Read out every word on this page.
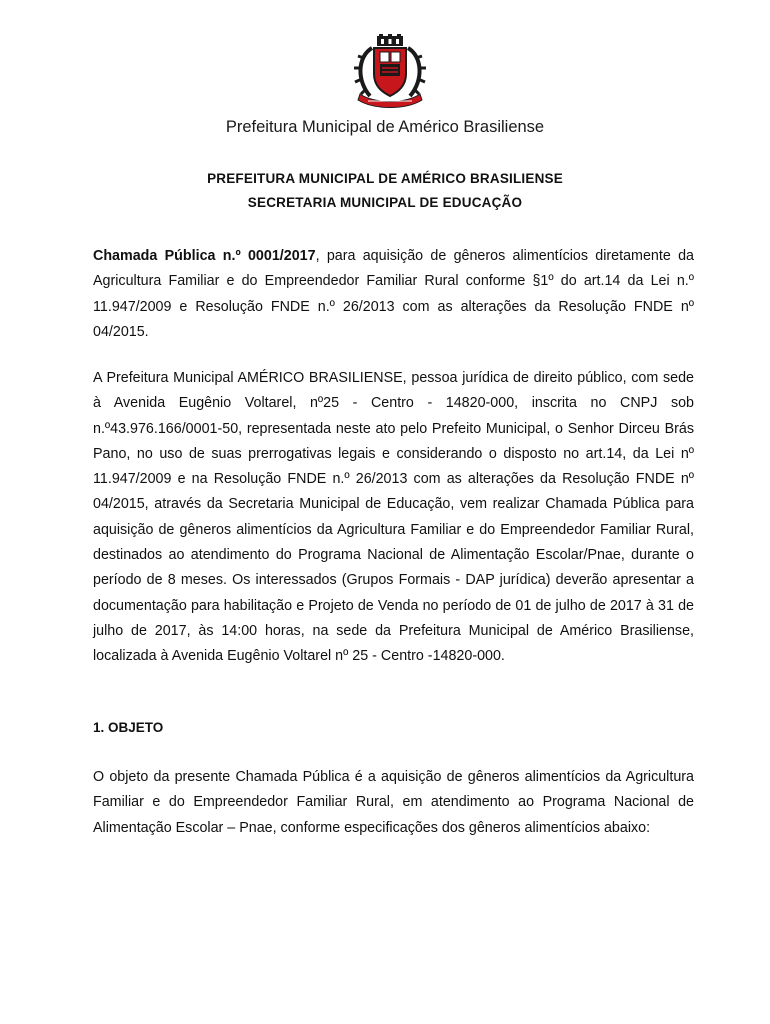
Prefeitura Municipal de Américo Brasiliense
PREFEITURA MUNICIPAL DE AMÉRICO BRASILIENSE
SECRETARIA MUNICIPAL DE EDUCAÇÃO

Chamada Pública n.º 0001/2017, para aquisição de gêneros alimentícios diretamente da Agricultura Familiar e do Empreendedor Familiar Rural conforme §1º do art.14 da Lei n.º 11.947/2009 e Resolução FNDE n.º 26/2013 com as alterações da Resolução FNDE nº 04/2015.

A Prefeitura Municipal AMÉRICO BRASILIENSE, pessoa jurídica de direito público, com sede à Avenida Eugênio Voltarel, nº25 - Centro - 14820-000, inscrita no CNPJ sob n.º43.976.166/0001-50, representada neste ato pelo Prefeito Municipal, o Senhor Dirceu Brás Pano, no uso de suas prerrogativas legais e considerando o disposto no art.14, da Lei nº 11.947/2009 e na Resolução FNDE n.º 26/2013 com as alterações da Resolução FNDE nº 04/2015, através da Secretaria Municipal de Educação, vem realizar Chamada Pública para aquisição de gêneros alimentícios da Agricultura Familiar e do Empreendedor Familiar Rural, destinados ao atendimento do Programa Nacional de Alimentação Escolar/Pnae, durante o período de 8 meses. Os interessados (Grupos Formais - DAP jurídica) deverão apresentar a documentação para habilitação e Projeto de Venda no período de 01 de julho de 2017 à 31 de julho de 2017, às 14:00 horas, na sede da Prefeitura Municipal de Américo Brasiliense, localizada à Avenida Eugênio Voltarel nº 25 - Centro -14820-000.

1. OBJETO

O objeto da presente Chamada Pública é a aquisição de gêneros alimentícios da Agricultura Familiar e do Empreendedor Familiar Rural, em atendimento ao Programa Nacional de Alimentação Escolar – Pnae, conforme especificações dos gêneros alimentícios abaixo:
